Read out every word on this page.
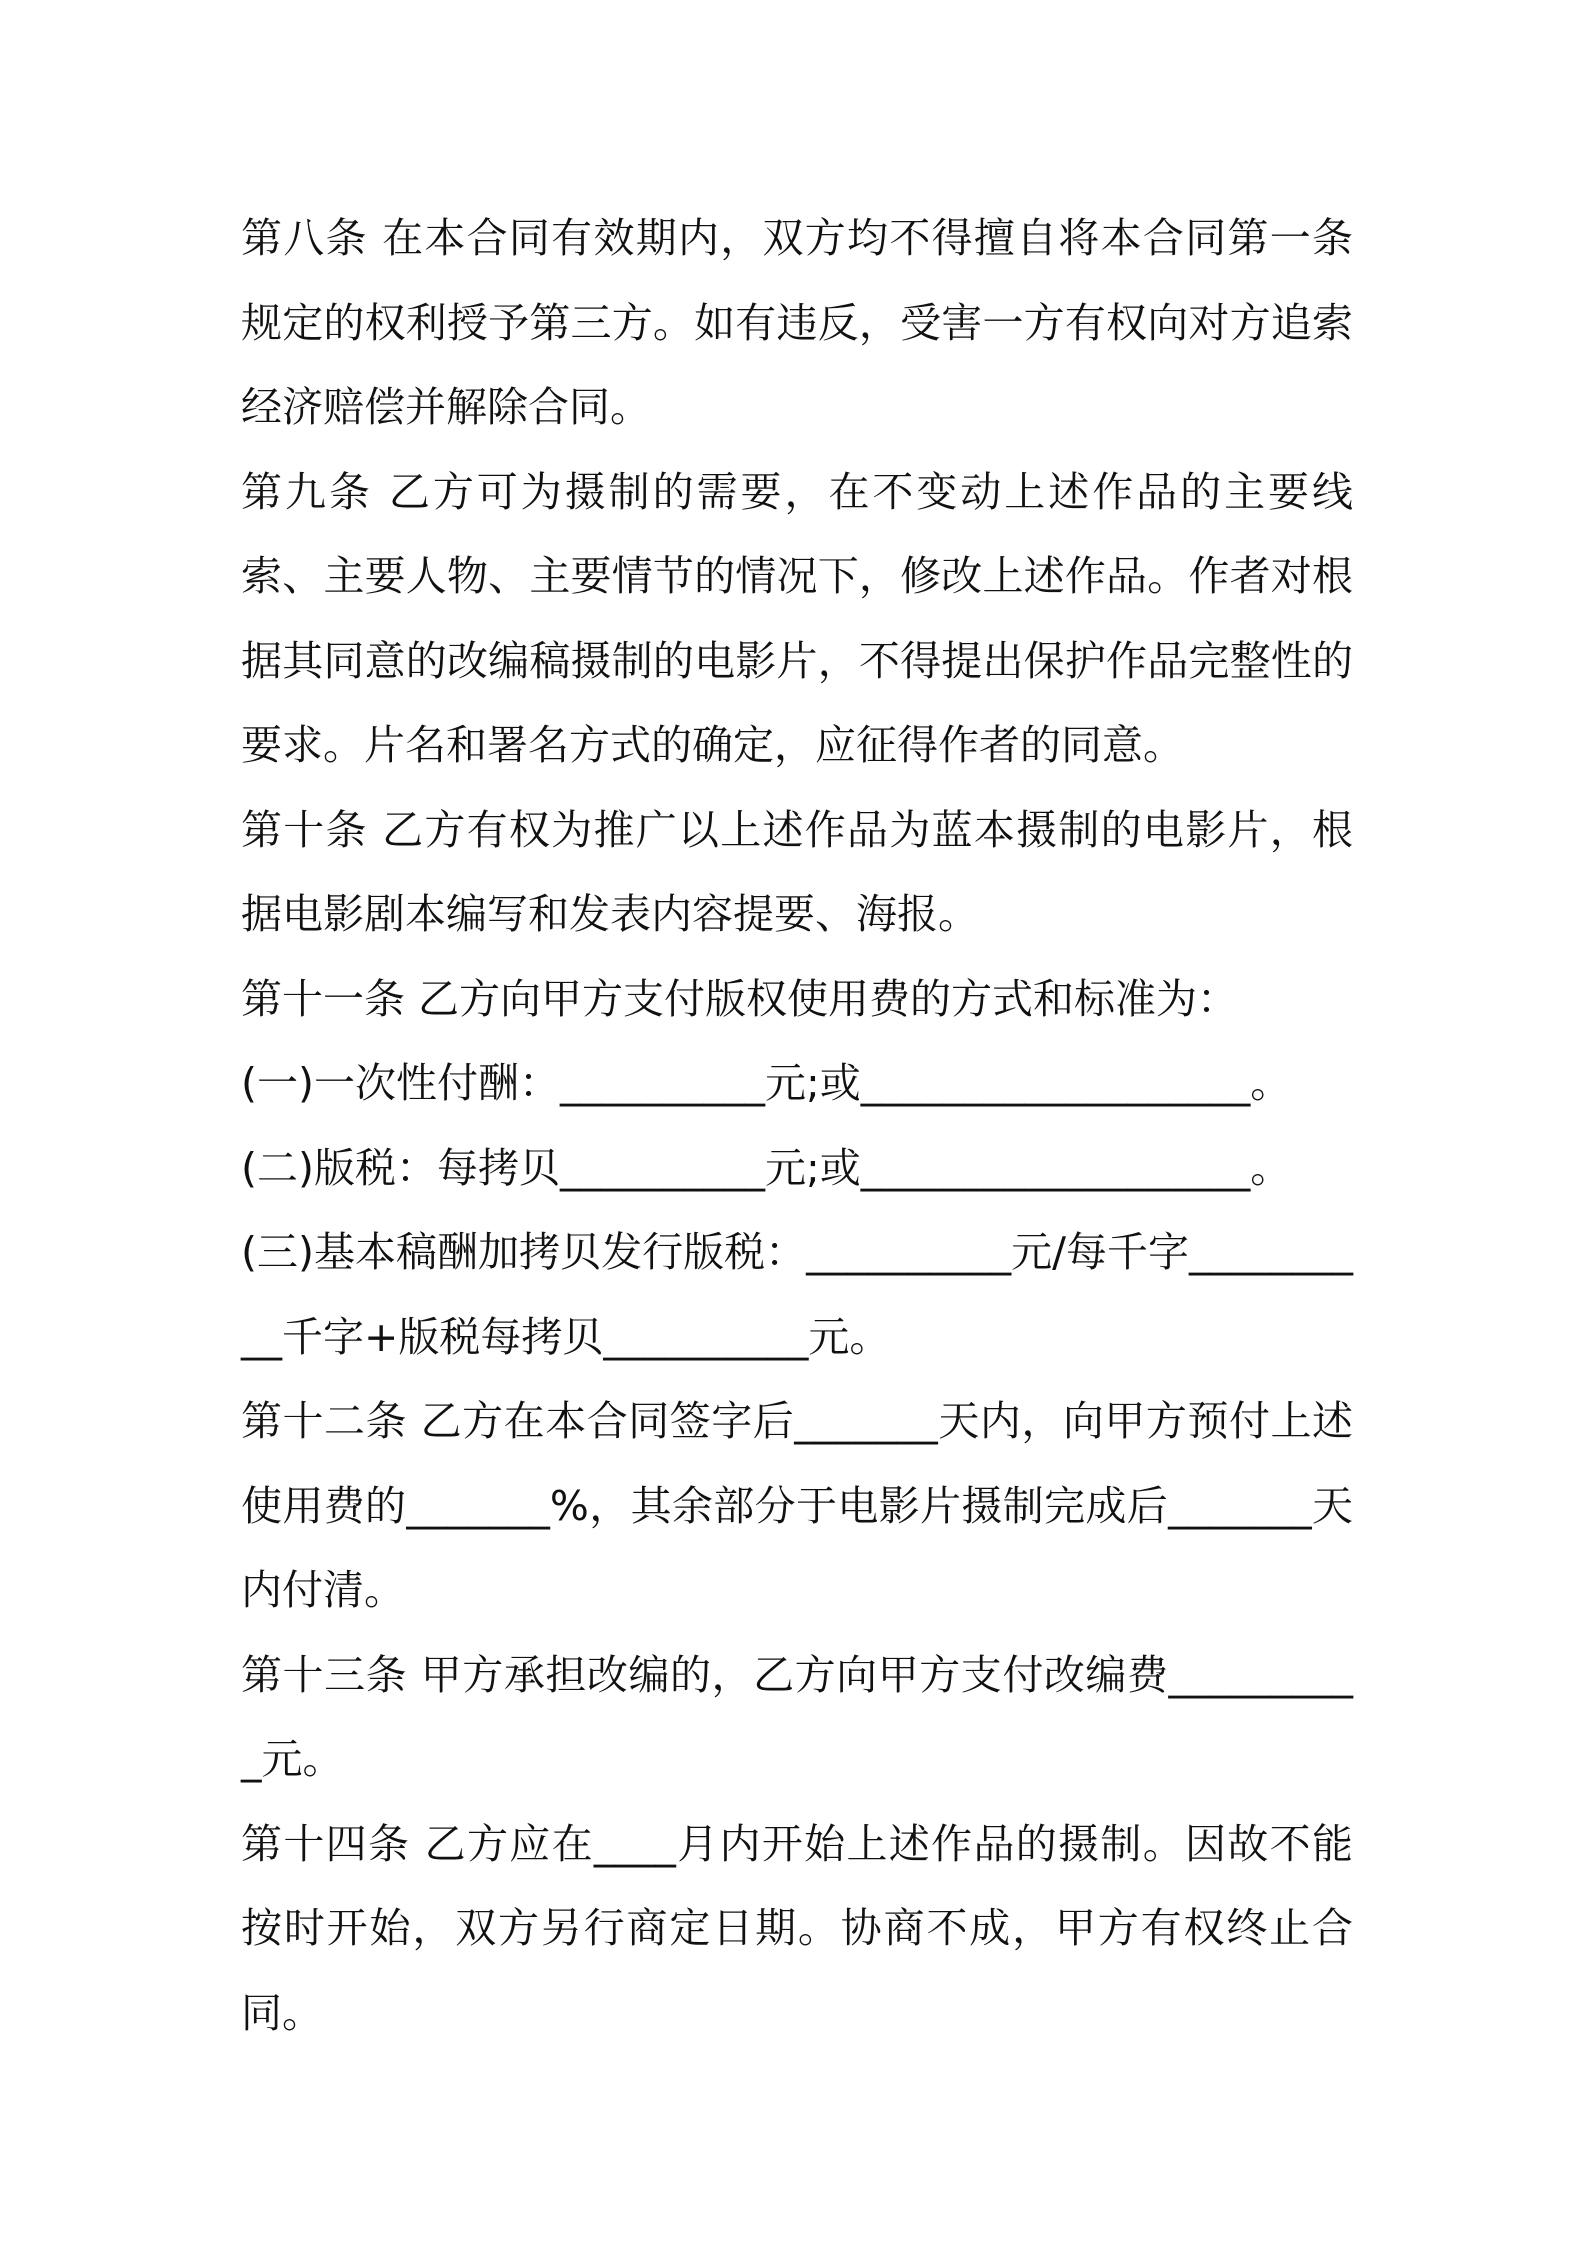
第八条 在本合同有效期内，双方均不得擅自将本合同第一条规定的权利授予第三方。如有违反，受害一方有权向对方追索经济赔偿并解除合同。

第九条 乙方可为摄制的需要，在不变动上述作品的主要线索、主要人物、主要情节的情况下，修改上述作品。作者对根据其同意的改编稿摄制的电影片，不得提出保护作品完整性的要求。片名和署名方式的确定，应征得作者的同意。

第十条 乙方有权为推广以上述作品为蓝本摄制的电影片，根据电影剧本编写和发表内容提要、海报。

第十一条 乙方向甲方支付版权使用费的方式和标准为：

(一)一次性付酬：__________元;或___________________。

(二)版税：每拷贝__________元;或___________________。

(三)基本稿酬加拷贝发行版税：__________元/每千字__________千字+版税每拷贝__________元。

第十二条 乙方在本合同签字后_______天内，向甲方预付上述使用费的_______%，其余部分于电影片摄制完成后_______天内付清。

第十三条 甲方承担改编的，乙方向甲方支付改编费__________元。

第十四条 乙方应在____月内开始上述作品的摄制。因故不能按时开始，双方另行商定日期。协商不成，甲方有权终止合同。
